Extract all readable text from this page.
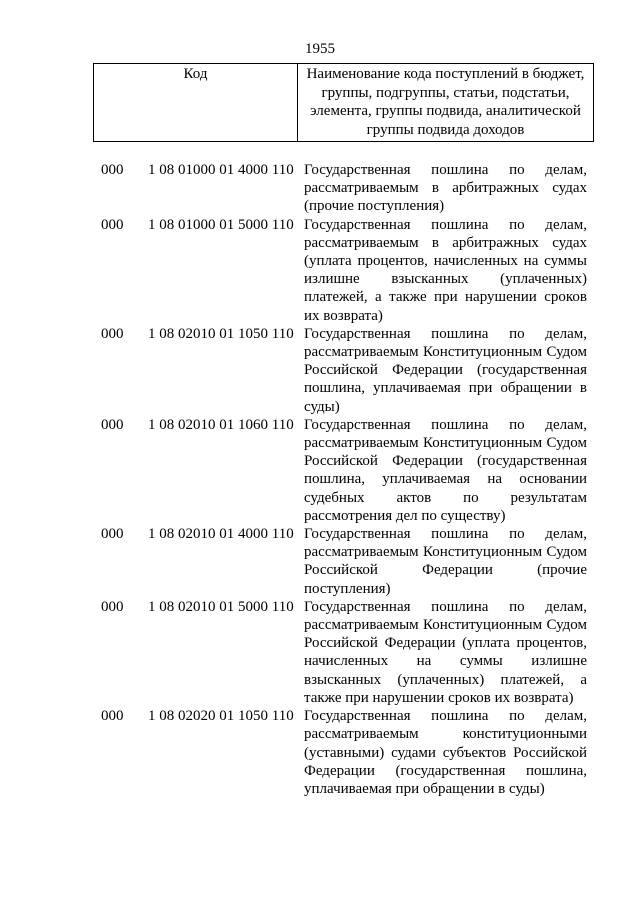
1955
Код	Наименование кода поступлений в бюджет, группы, подгруппы, статьи, подстатьи, элемента, группы подвида, аналитической группы подвида доходов
000	1 08 01000 01 4000 110 Государственная пошлина по делам, рассматриваемым в арбитражных судах (прочие поступления)
000	1 08 01000 01 5000 110 Государственная пошлина по делам, рассматриваемым в арбитражных судах (уплата процентов, начисленных на суммы излишне взысканных (уплаченных) платежей, а также при нарушении сроков их возврата)
000	1 08 02010 01 1050 110 Государственная пошлина по делам, рассматриваемым Конституционным Судом Российской Федерации (государственная пошлина, уплачиваемая при обращении в суды)
000	1 08 02010 01 1060 110 Государственная пошлина по делам, рассматриваемым Конституционным Судом Российской Федерации (государственная пошлина, уплачиваемая на основании судебных актов по результатам рассмотрения дел по существу)
000	1 08 02010 01 4000 110 Государственная пошлина по делам, рассматриваемым Конституционным Судом Российской Федерации (прочие поступления)
000	1 08 02010 01 5000 110 Государственная пошлина по делам, рассматриваемым Конституционным Судом Российской Федерации (уплата процентов, начисленных на суммы излишне взысканных (уплаченных) платежей, а также при нарушении сроков их возврата)
000	1 08 02020 01 1050 110 Государственная пошлина по делам, рассматриваемым конституционными (уставными) судами субъектов Российской Федерации (государственная пошлина, уплачиваемая при обращении в суды)
